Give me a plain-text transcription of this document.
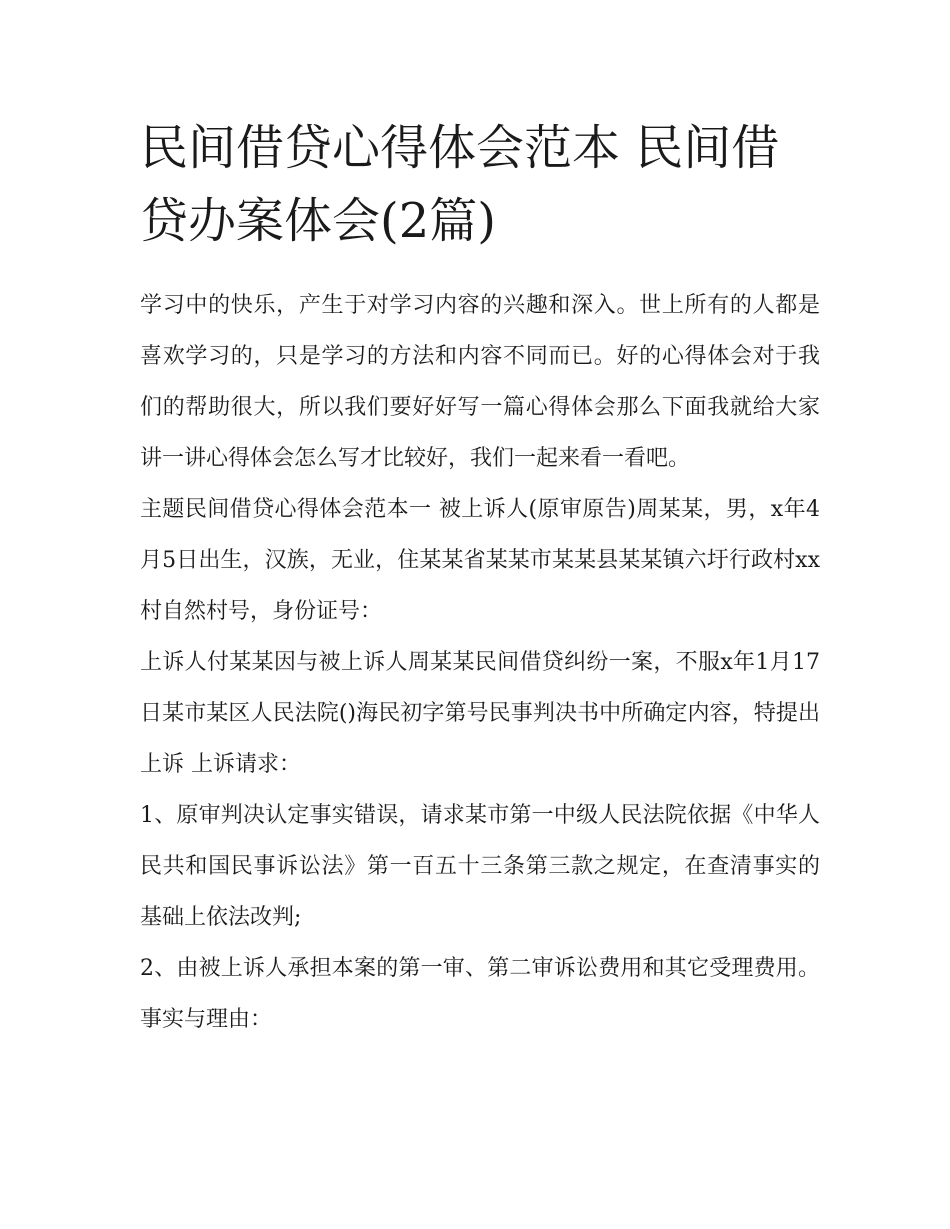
民间借贷心得体会范本 民间借贷办案体会(2篇)

学习中的快乐，产生于对学习内容的兴趣和深入。世上所有的人都是喜欢学习的，只是学习的方法和内容不同而已。好的心得体会对于我们的帮助很大，所以我们要好好写一篇心得体会那么下面我就给大家讲一讲心得体会怎么写才比较好，我们一起来看一看吧。

主题民间借贷心得体会范本一 被上诉人(原审原告)周某某，男，x年4月5日出生，汉族，无业，住某某省某某市某某县某某镇六圩行政村xx村自然村号，身份证号：

上诉人付某某因与被上诉人周某某民间借贷纠纷一案，不服x年1月17日某市某区人民法院()海民初字第号民事判决书中所确定内容，特提出上诉 上诉请求：

1、原审判决认定事实错误，请求某市第一中级人民法院依据《中华人民共和国民事诉讼法》第一百五十三条第三款之规定，在查清事实的基础上依法改判;

2、由被上诉人承担本案的第一审、第二审诉讼费用和其它受理费用。 事实与理由：
